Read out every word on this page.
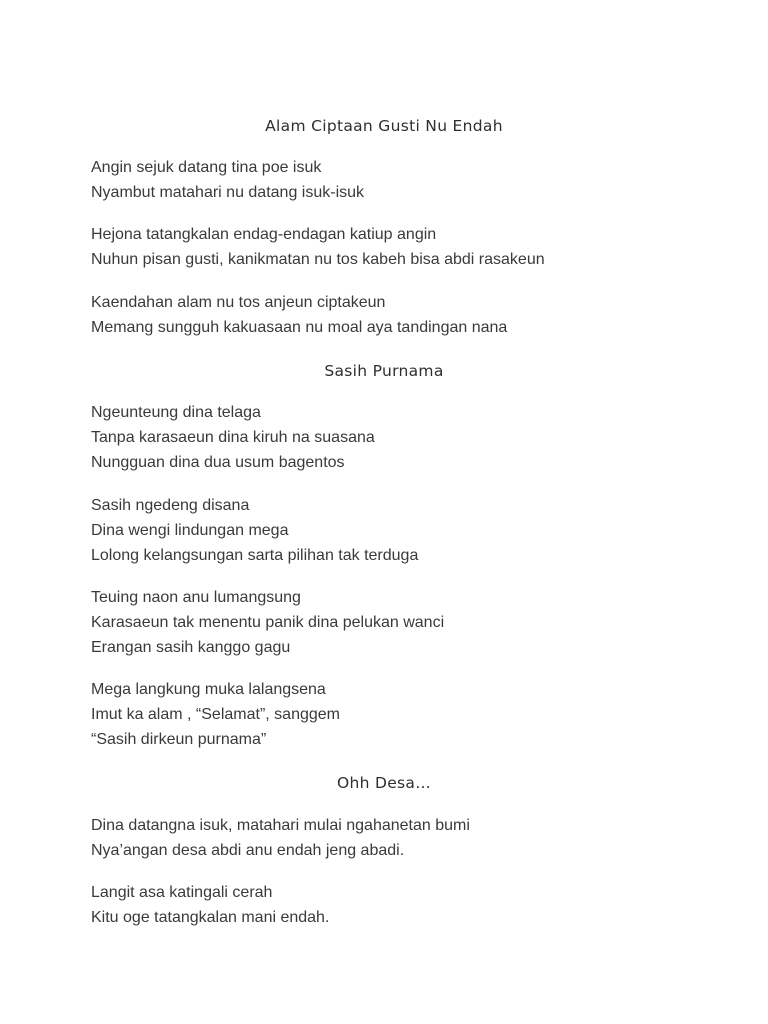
Alam Ciptaan Gusti Nu Endah

Angin sejuk datang tina poe isuk
Nyambut matahari nu datang isuk-isuk

Hejona tatangkalan endag-endagan katiup angin
Nuhun pisan gusti, kanikmatan nu tos kabeh bisa abdi rasakeun

Kaendahan alam nu tos anjeun ciptakeun
Memang sungguh kakuasaan nu moal aya tandingan nana

Sasih Purnama

Ngeunteung dina telaga
Tanpa karasaeun dina kiruh na suasana
Nungguan dina dua usum bagentos

Sasih ngedeng disana
Dina wengi lindungan mega
Lolong kelangsungan sarta pilihan tak terduga

Teuing naon anu lumangsung
Karasaeun tak menentu panik dina pelukan wanci
Erangan sasih kanggo gagu

Mega langkung muka lalangsena
Imut ka alam , “Selamat”, sanggem
“Sasih dirkeun purnama”

Ohh Desa…

Dina datangna isuk, matahari mulai ngahanetan bumi
Nya’angan desa abdi anu endah jeng abadi.

Langit asa katingali cerah
Kitu oge tatangkalan mani endah.
